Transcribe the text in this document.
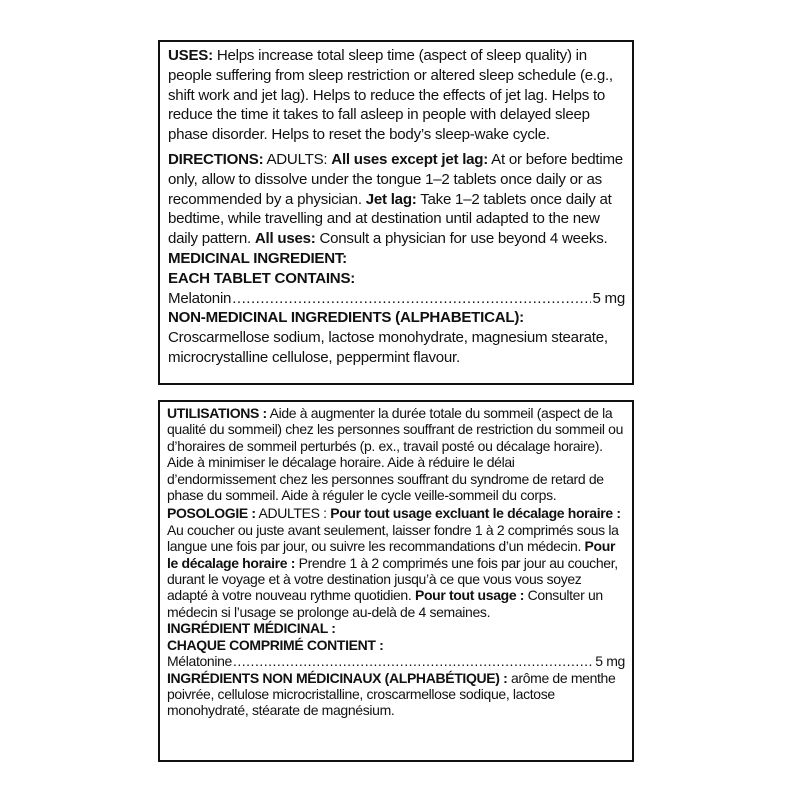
USES: Helps increase total sleep time (aspect of sleep quality) in people suffering from sleep restriction or altered sleep schedule (e.g., shift work and jet lag). Helps to reduce the effects of jet lag. Helps to reduce the time it takes to fall asleep in people with delayed sleep phase disorder. Helps to reset the body’s sleep-wake cycle.

DIRECTIONS: ADULTS: All uses except jet lag: At or before bedtime only, allow to dissolve under the tongue 1–2 tablets once daily or as recommended by a physician. Jet lag: Take 1–2 tablets once daily at bedtime, while travelling and at destination until adapted to the new daily pattern. All uses: Consult a physician for use beyond 4 weeks.

MEDICINAL INGREDIENT:

EACH TABLET CONTAINS:

Melatonin .....	5 mg

NON-MEDICINAL INGREDIENTS (ALPHABETICAL): Croscarmellose sodium, lactose monohydrate, magnesium stearate, microcrystalline cellulose, peppermint flavour.

UTILISATIONS : Aide à augmenter la durée totale du sommeil (aspect de la qualité du sommeil) chez les personnes souffrant de restriction du sommeil ou d’horaires de sommeil perturbés (p. ex., travail posté ou décalage horaire). Aide à minimiser le décalage horaire. Aide à réduire le délai d’endormissement chez les personnes souffrant du syndrome de retard de phase du sommeil. Aide à réguler le cycle veille-sommeil du corps.

POSOLOGIE : ADULTES : Pour tout usage excluant le décalage horaire : Au coucher ou juste avant seulement, laisser fondre 1 à 2 comprimés sous la langue une fois par jour, ou suivre les recommandations d’un médecin. Pour le décalage horaire : Prendre 1 à 2 comprimés une fois par jour au coucher, durant le voyage et à votre destination jusqu’à ce que vous vous soyez adapté à votre nouveau rythme quotidien. Pour tout usage : Consulter un médecin si l’usage se prolonge au-delà de 4 semaines.

INGRÉDIENT MÉDICINAL :

CHAQUE COMPRIMÉ CONTIENT :

Mélatonine .....	5 mg

INGRÉDIENTS NON MÉDICINAUX (ALPHABÉTIQUE) : arôme de menthe poivrée, cellulose microcristalline, croscarmellose sodique, lactose monohydraté, stéarate de magnésium.
